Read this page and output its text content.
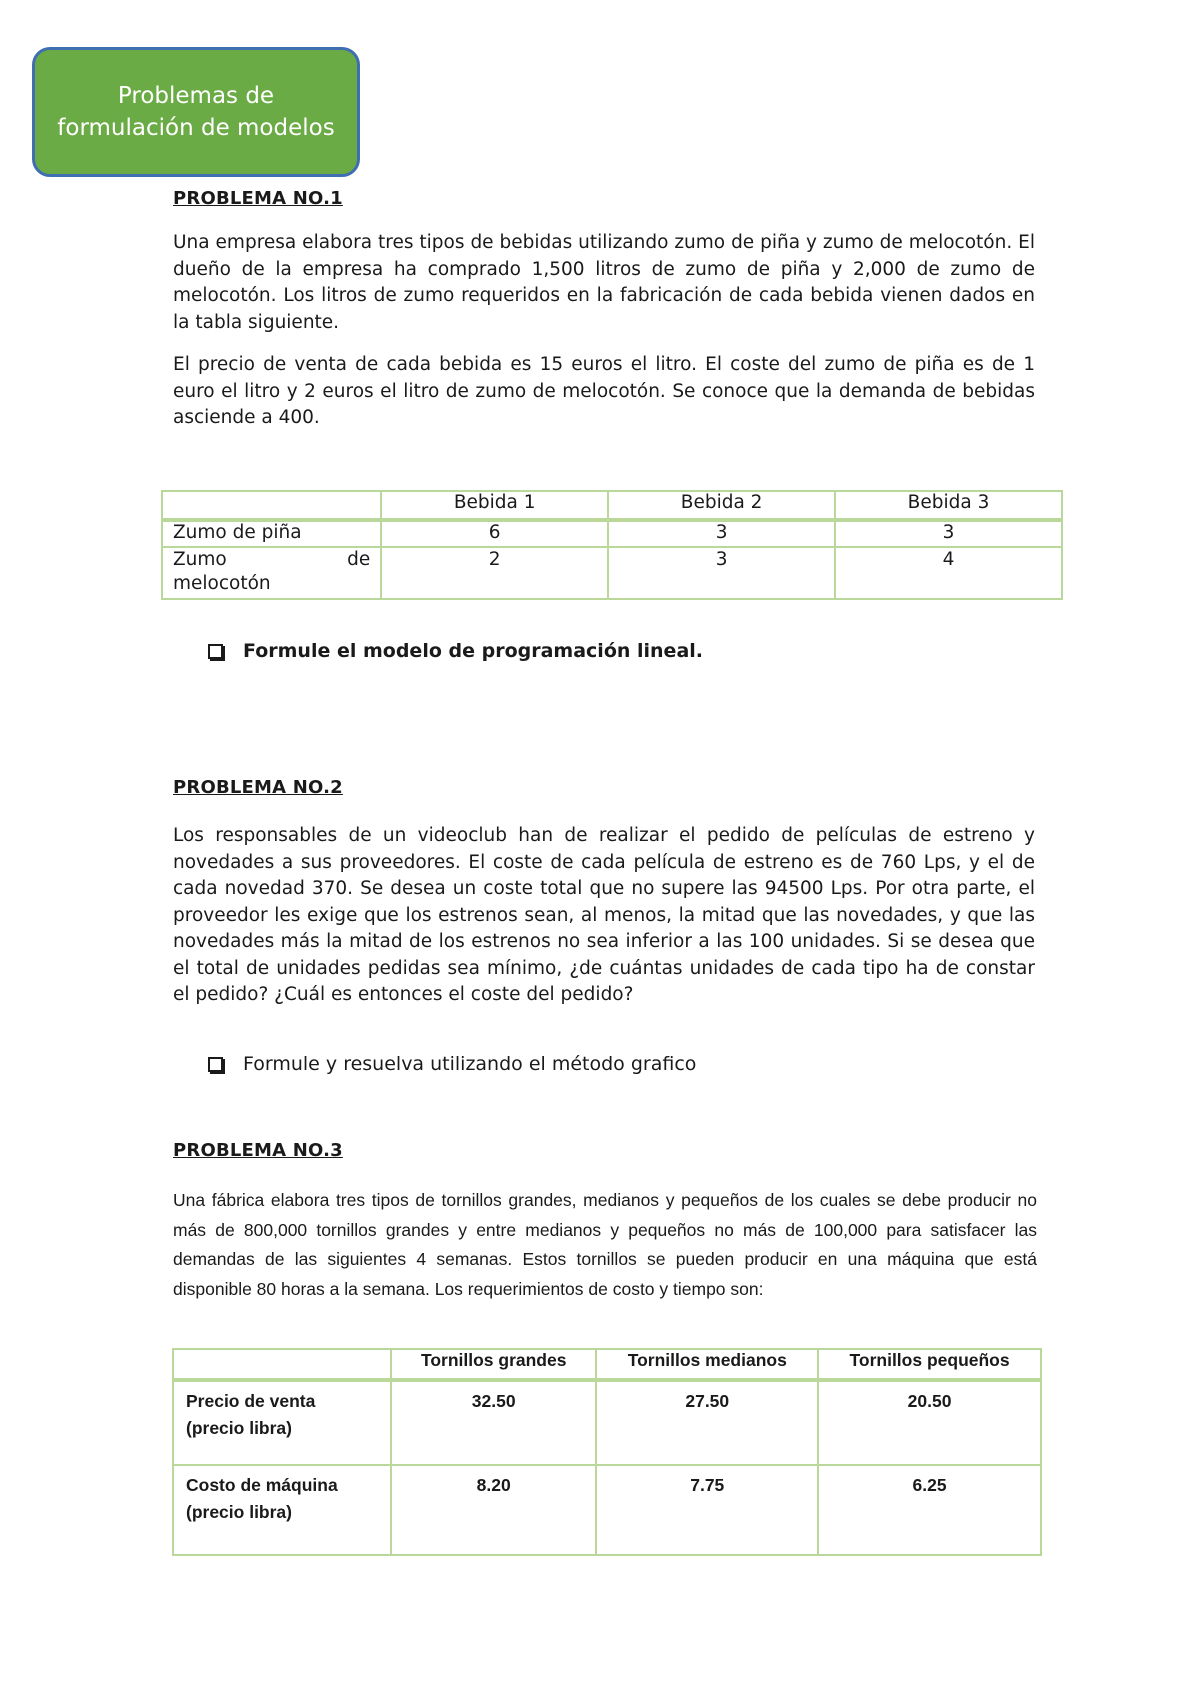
Problemas de formulación de modelos

PROBLEMA NO.1

Una empresa elabora tres tipos de bebidas utilizando zumo de piña y zumo de melocotón. El dueño de la empresa ha comprado 1,500 litros de zumo de piña y 2,000 de zumo de melocotón. Los litros de zumo requeridos en la fabricación de cada bebida vienen dados en la tabla siguiente.

El precio de venta de cada bebida es 15 euros el litro. El coste del zumo de piña es de 1 euro el litro y 2 euros el litro de zumo de melocotón. Se conoce que la demanda de bebidas asciende a 400.

	Bebida 1	Bebida 2	Bebida 3
Zumo de piña	6	3	3

Zumo de
melocotón	2	3	4

Formule el modelo de programación lineal.

PROBLEMA NO.2

Los responsables de un videoclub han de realizar el pedido de películas de estreno y novedades a sus proveedores. El coste de cada película de estreno es de 760 Lps, y el de cada novedad 370. Se desea un coste total que no supere las 94500 Lps. Por otra parte, el proveedor les exige que los estrenos sean, al menos, la mitad que las novedades, y que las novedades más la mitad de los estrenos no sea inferior a las 100 unidades. Si se desea que el total de unidades pedidas sea mínimo, ¿de cuántas unidades de cada tipo ha de constar el pedido? ¿Cuál es entonces el coste del pedido?

Formule y resuelva utilizando el método grafico

PROBLEMA NO.3

Una fábrica elabora tres tipos de tornillos grandes, medianos y pequeños de los cuales se debe producir no más de 800,000 tornillos grandes y entre medianos y pequeños no más de 100,000 para satisfacer las demandas de las siguientes 4 semanas. Estos tornillos se pueden producir en una máquina que está disponible 80 horas a la semana. Los requerimientos de costo y tiempo son:

	Tornillos grandes	Tornillos medianos	Tornillos pequeños

Precio de venta
(precio libra)	32.50	27.50	20.50

Costo de máquina
(precio libra)	8.20	7.75	6.25
